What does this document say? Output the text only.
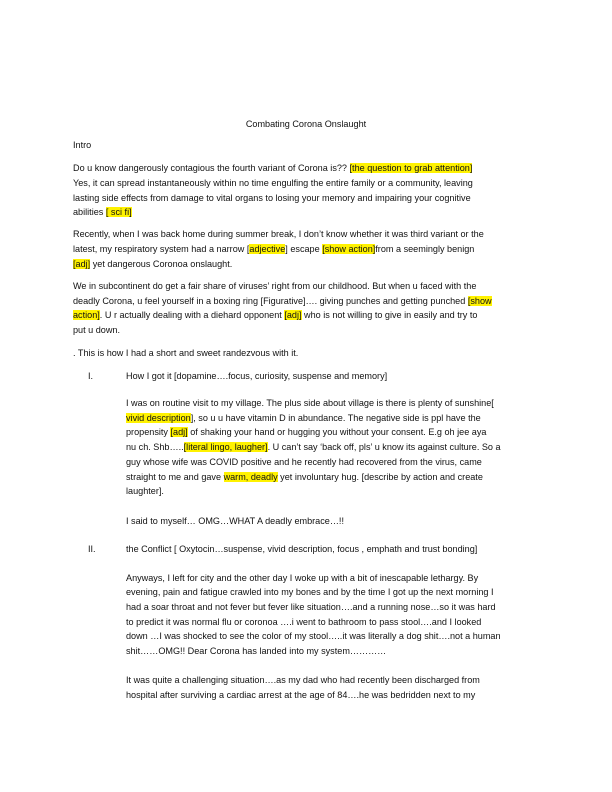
Combating Corona Onslaught
Intro
Do u know dangerously contagious the fourth variant of Corona is?? [the question to grab attention]
Yes, it can spread instantaneously within no time engulfing the entire family or a community, leaving
lasting side effects from damage to vital organs to losing your memory and impairing your cognitive
abilities [ sci fi]
Recently, when I was back home during summer break, I don’t know whether it was third variant or the
latest, my respiratory system had a narrow [adjective] escape [show action]from a seemingly benign
[adj] yet dangerous Coronoa onslaught.
We in subcontinent do get a fair share of viruses’ right from our childhood. But when u faced with the
deadly Corona, u feel yourself in a boxing ring [Figurative]…. giving punches and getting punched [show
action]. U r actually dealing with a diehard opponent [adj] who is not willing to give in easily and try to
put u down.
. This is how I had a short and sweet randezvous with it.
I.	How I got it [dopamine….focus, curiosity, suspense and memory]
I was on routine visit to my village. The plus side about village is there is plenty of sunshine[
vivid description], so u u have vitamin D in abundance. The negative side is ppl have the
propensity [adj] of shaking your hand or hugging you without your consent. E.g oh jee aya
nu ch. Shb…..[literal lingo, laugher]. U can’t say ‘back off, pls’ u know its against culture. So a
guy whose wife was COVID positive and he recently had recovered from the virus, came
straight to me and gave warm, deadly yet involuntary hug. [describe by action and create
laughter].
I said to myself… OMG…WHAT A deadly embrace…!!
II.	the Conflict [ Oxytocin…suspense, vivid description, focus , emphath and trust bonding]
Anyways, I left for city and the other day I woke up with a bit of inescapable lethargy. By
evening, pain and fatigue crawled into my bones and by the time I got up the next morning I
had a soar throat and not fever but fever like situation….and a running nose…so it was hard
to predict it was normal flu or coronoa ….i went to bathroom to pass stool….and I looked
down …I was shocked to see the color of my stool…..it was literally a dog shit….not a human
shit……OMG!! Dear Corona has landed into my system…………
It was quite a challenging situation….as my dad who had recently been discharged from
hospital after surviving a cardiac arrest at the age of 84….he was bedridden next to my
